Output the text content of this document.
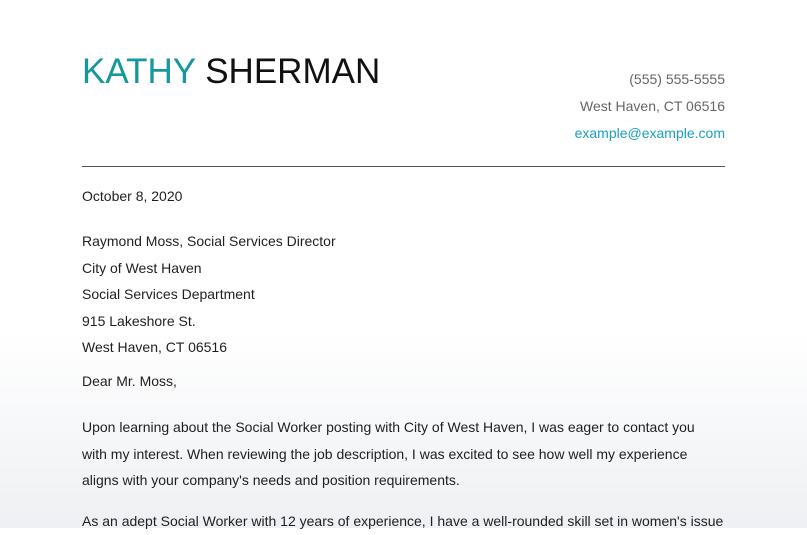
KATHY SHERMAN	(555) 555-5555
West Haven, CT 06516
example@example.com
October 8, 2020
Raymond Moss, Social Services Director
City of West Haven
Social Services Department
915 Lakeshore St.
West Haven, CT 06516
Dear Mr. Moss,
Upon learning about the Social Worker posting with City of West Haven, I was eager to contact you
with my interest. When reviewing the job description, I was excited to see how well my experience
aligns with your company's needs and position requirements.
As an adept Social Worker with 12 years of experience, I have a well-rounded skill set in women's issue
